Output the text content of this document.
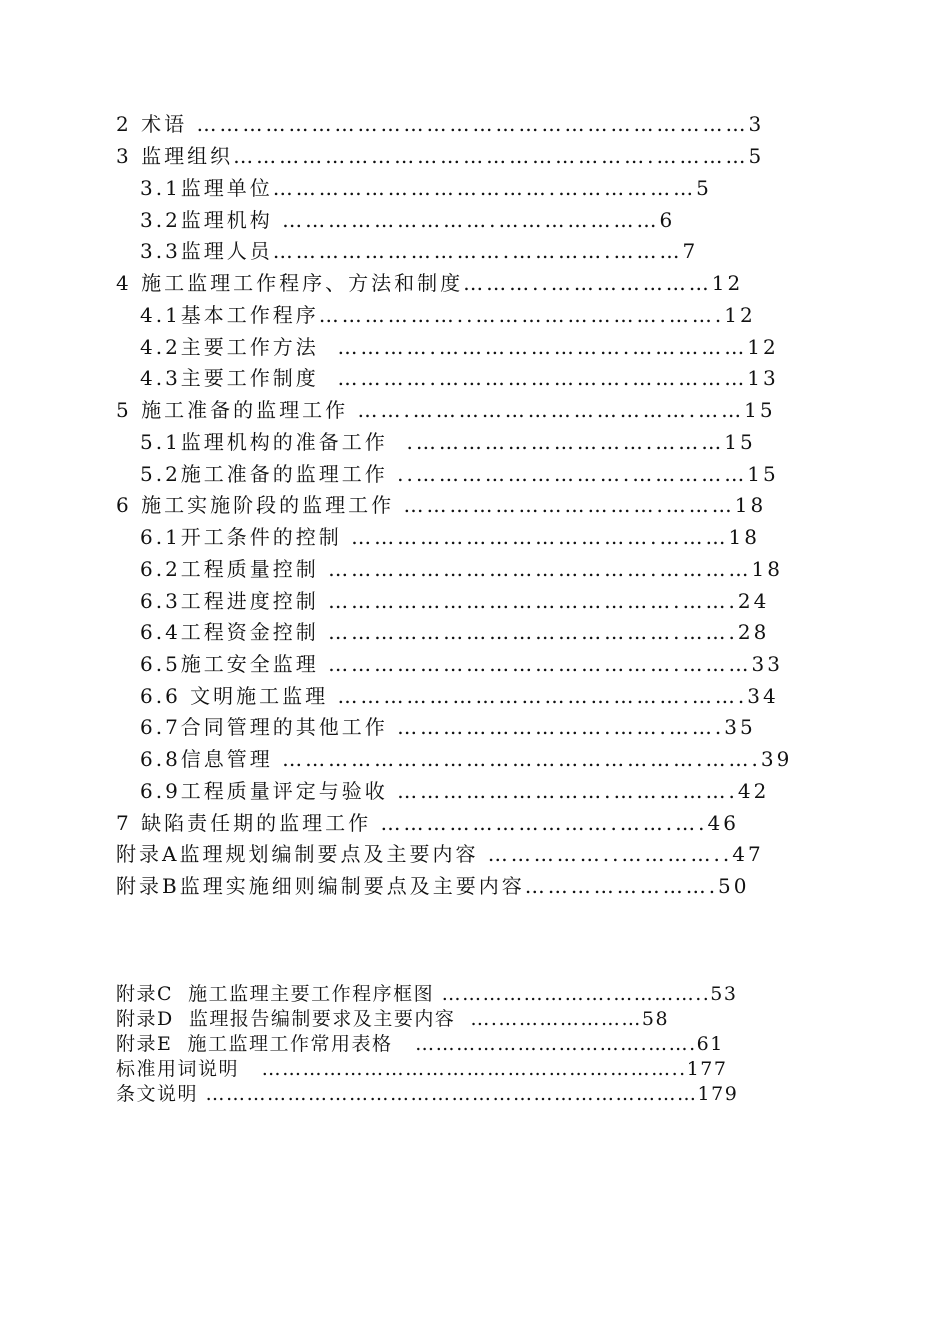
2 术语 ………………………………………………………………3
3 监理组织……………………………………………….…………5
3.1监理单位……………………………….………………5
3.2监理机构 ……………………….…………………6
3.3监理人员………………………….………….………7
4 施工监理工作程序、方法和制度………..…………………12
4.1基本工作程序………………..…………………….…….12
4.2主要工作方法  ………….…………………….……………12
4.3主要工作制度  ………….…………………….……………13
5 施工准备的监理工作 …….……………………………….……15
5.1监理机构的准备工作  .………………………….………15
5.2施工准备的监理工作 ..……………………….……………15
6 施工实施阶段的监理工作 …………………………….………18
6.1开工条件的控制 ………………………………….………18
6.2工程质量控制 …………………………………….…………18
6.3工程进度控制 ……………………………………….…….24
6.4工程资金控制 ……………………………………….…….28
6.5施工安全监理 ……………………………………….………33
6.6 文明施工监理 ……………………………………….…….34
6.7合同管理的其他工作 ……………………….…….…….35
6.8信息管理 ……………………………………………….…….39
6.9工程质量评定与验收 ……………………….…………….42
7 缺陷责任期的监理工作 ………………………….…….….46
附录A监理规划编制要点及主要内容 ……………..…………..47
附录B监理实施细则编制要点及主要内容…………………….50
附录C  施工监理主要工作程序框图 …………………….…………..53
附录D  监理报告编制要求及主要内容  ….…………………58
附录E  施工监理工作常用表格   …………………………….…….61
标准用词说明   ……………………………………………………..177
条文说明 ………………………………………………………………179
